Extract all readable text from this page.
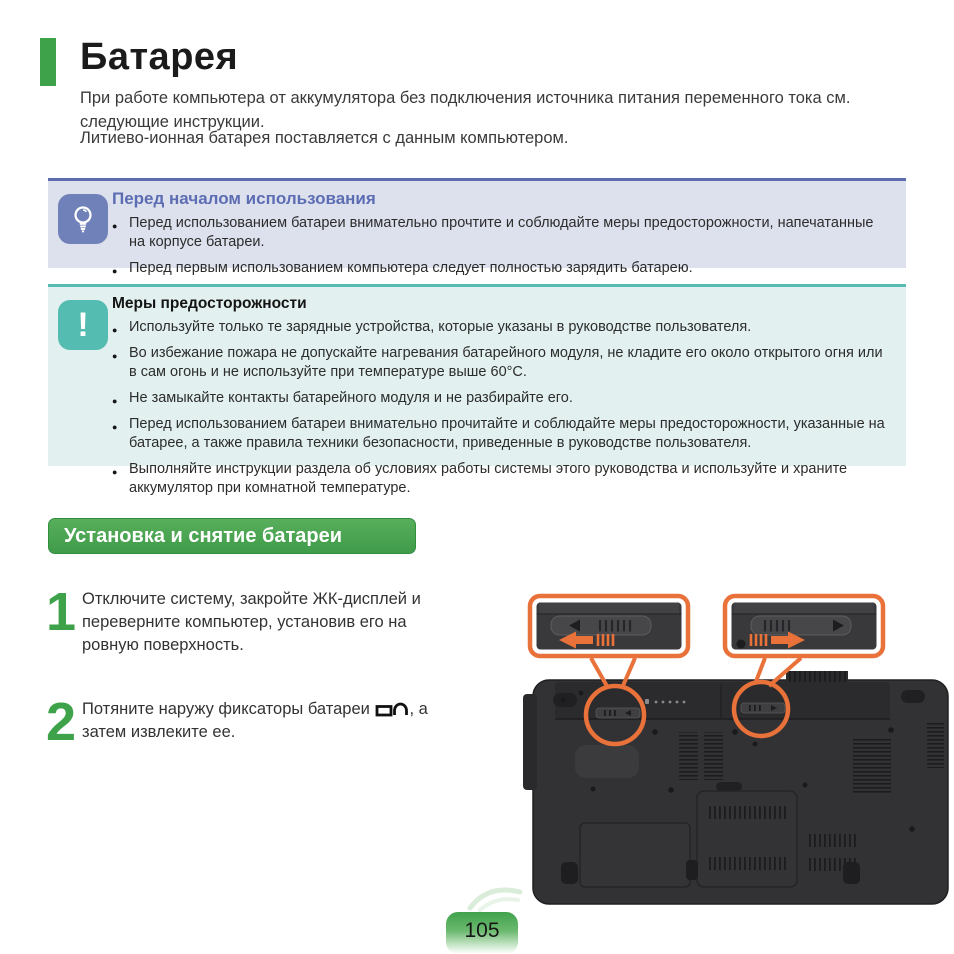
Батарея

При работе компьютера от аккумулятора без подключения источника питания переменного тока см. следующие инструкции.

Литиево-ионная батарея поставляется с данным компьютером.

Перед началом использования
● Перед использованием батареи внимательно прочтите и соблюдайте меры предосторожности, напечатанные на корпусе батареи.
● Перед первым использованием компьютера следует полностью зарядить батарею.
!
Меры предосторожности
● Используйте только те зарядные устройства, которые указаны в руководстве пользователя.
● Во избежание пожара не допускайте нагревания батарейного модуля, не кладите его около открытого огня или в сам огонь и не используйте при температуре выше 60°C.
● Не замыкайте контакты батарейного модуля и не разбирайте его.
● Перед использованием батареи внимательно прочитайте и соблюдайте меры предосторожности, указанные на батарее, а также правила техники безопасности, приведенные в руководстве пользователя.
● Выполняйте инструкции раздела об условиях работы системы этого руководства и используйте и храните аккумулятор при комнатной температуре.
Установка и снятие батареи
1 Отключите систему, закройте ЖК-дисплей и переверните компьютер, установив его на ровную поверхность.
2 Потяните наружу фиксаторы батареи , а затем извлеките ее.
105
